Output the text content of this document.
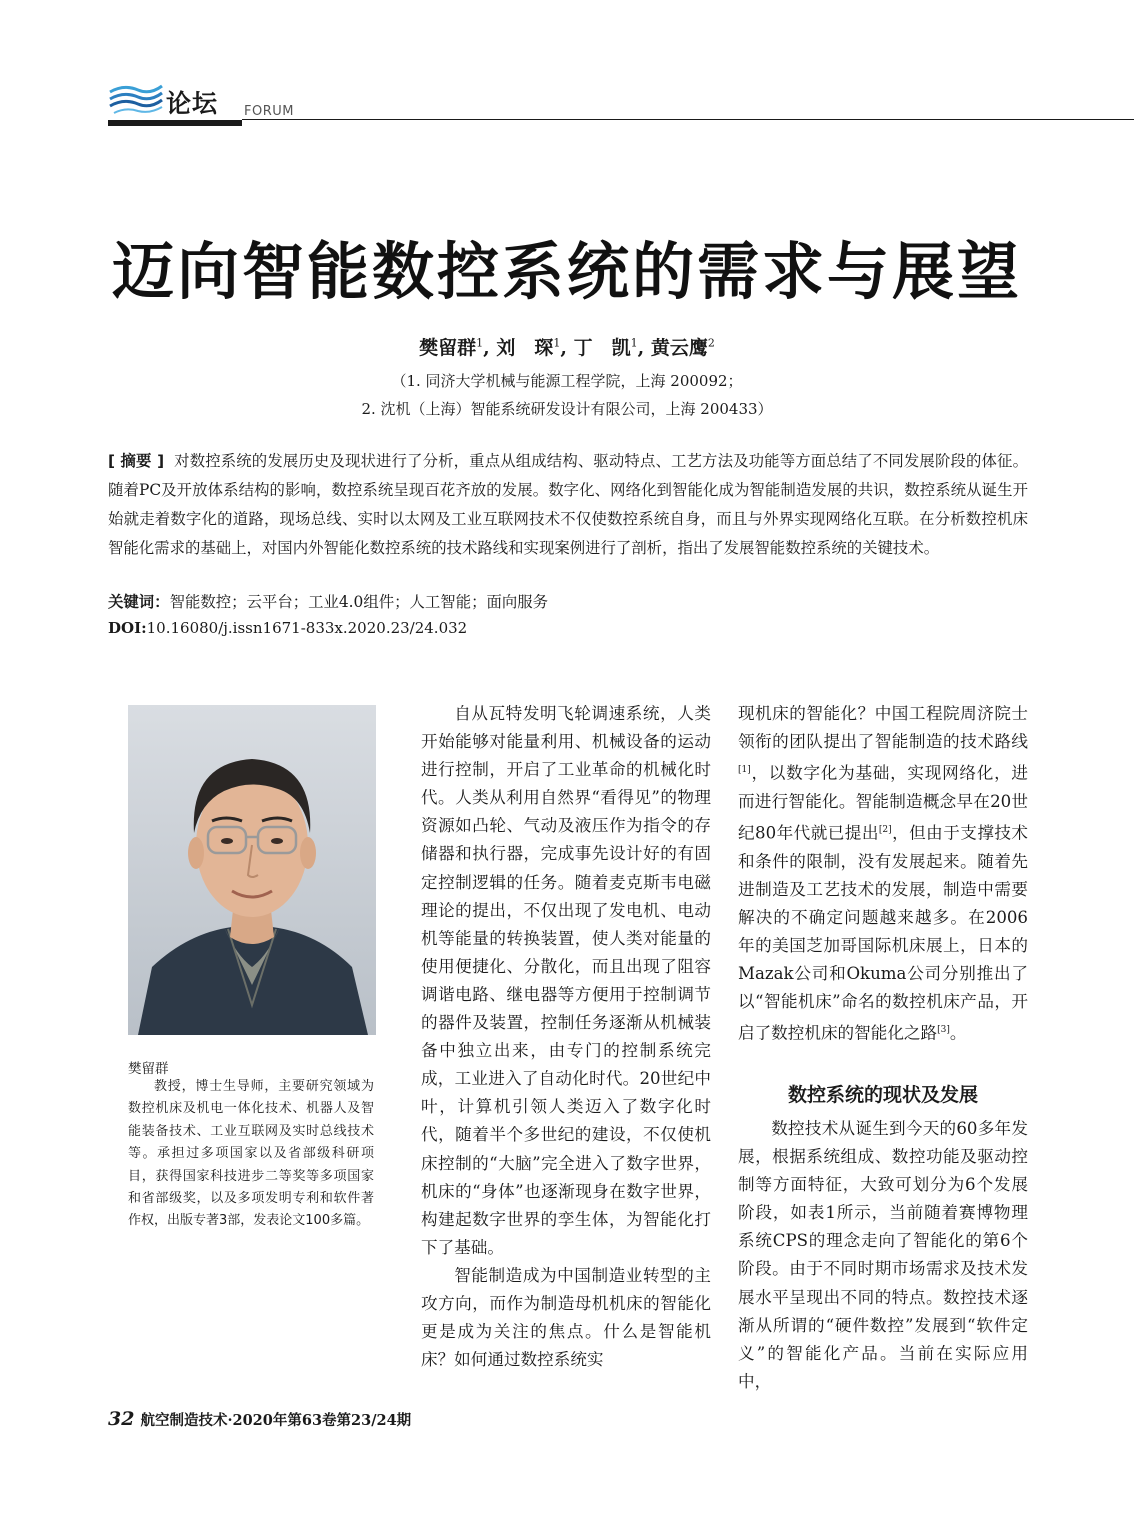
论坛 FORUM
迈向智能数控系统的需求与展望
樊留群$^1$, 刘　琛$^1$, 丁　凯$^1$, 黄云鹰$^2$
（1. 同济大学机械与能源工程学院，上海 200092；
2. 沈机（上海）智能系统研发设计有限公司，上海 200433）
[ 摘要 ] 对数控系统的发展历史及现状进行了分析，重点从组成结构、驱动特点、工艺方法及功能等方面总结了不同发展阶段的体征。随着PC及开放体系结构的影响，数控系统呈现百花齐放的发展。数字化、网络化到智能化成为智能制造发展的共识，数控系统从诞生开始就走着数字化的道路，现场总线、实时以太网及工业互联网技术不仅使数控系统自身，而且与外界实现网络化互联。在分析数控机床智能化需求的基础上，对国内外智能化数控系统的技术路线和实现案例进行了剖析，指出了发展智能数控系统的关键技术。
关键词：智能数控；云平台；工业4.0组件；人工智能；面向服务
DOI:10.16080/j.issn1671-833x.2020.23/24.032
樊留群
教授，博士生导师，主要研究领域为数控机床及机电一体化技术、机器人及智能装备技术、工业互联网及实时总线技术等。承担过多项国家以及省部级科研项目，获得国家科技进步二等奖等多项国家和省部级奖，以及多项发明专利和软件著作权，出版专著3部，发表论文100多篇。

自从瓦特发明飞轮调速系统，人类开始能够对能量利用、机械设备的运动进行控制，开启了工业革命的机械化时代。人类从利用自然界“看得见”的物理资源如凸轮、气动及液压作为指令的存储器和执行器，完成事先设计好的有固定控制逻辑的任务。随着麦克斯韦电磁理论的提出，不仅出现了发电机、电动机等能量的转换装置，使人类对能量的使用便捷化、分散化，而且出现了阻容调谐电路、继电器等方便用于控制调节的器件及装置，控制任务逐渐从机械装备中独立出来，由专门的控制系统完成，工业进入了自动化时代。20世纪中叶，计算机引领人类迈入了数字化时代，随着半个多世纪的建设，不仅使机床控制的“大脑”完全进入了数字世界，机床的“身体”也逐渐现身在数字世界，构建起数字世界的孪生体，为智能化打下了基础。

智能制造成为中国制造业转型的主攻方向，而作为制造母机机床的智能化更是成为关注的焦点。什么是智能机床？如何通过数控系统实

现机床的智能化？中国工程院周济院士领衔的团队提出了智能制造的技术路线[1]，以数字化为基础，实现网络化，进而进行智能化。智能制造概念早在20世纪80年代就已提出[2]，但由于支撑技术和条件的限制，没有发展起来。随着先进制造及工艺技术的发展，制造中需要解决的不确定问题越来越多。在2006年的美国芝加哥国际机床展上，日本的Mazak公司和Okuma公司分别推出了以“智能机床”命名的数控机床产品，开启了数控机床的智能化之路[3]。

数控系统的现状及发展

数控技术从诞生到今天的60多年发展，根据系统组成、数控功能及驱动控制等方面特征，大致可划分为6个发展阶段，如表1所示，当前随着赛博物理系统CPS的理念走向了智能化的第6个阶段。由于不同时期市场需求及技术发展水平呈现出不同的特点。数控技术逐渐从所谓的“硬件数控”发展到“软件定义”的智能化产品。当前在实际应用中，

32 航空制造技术·2020年第63卷第23/24期
